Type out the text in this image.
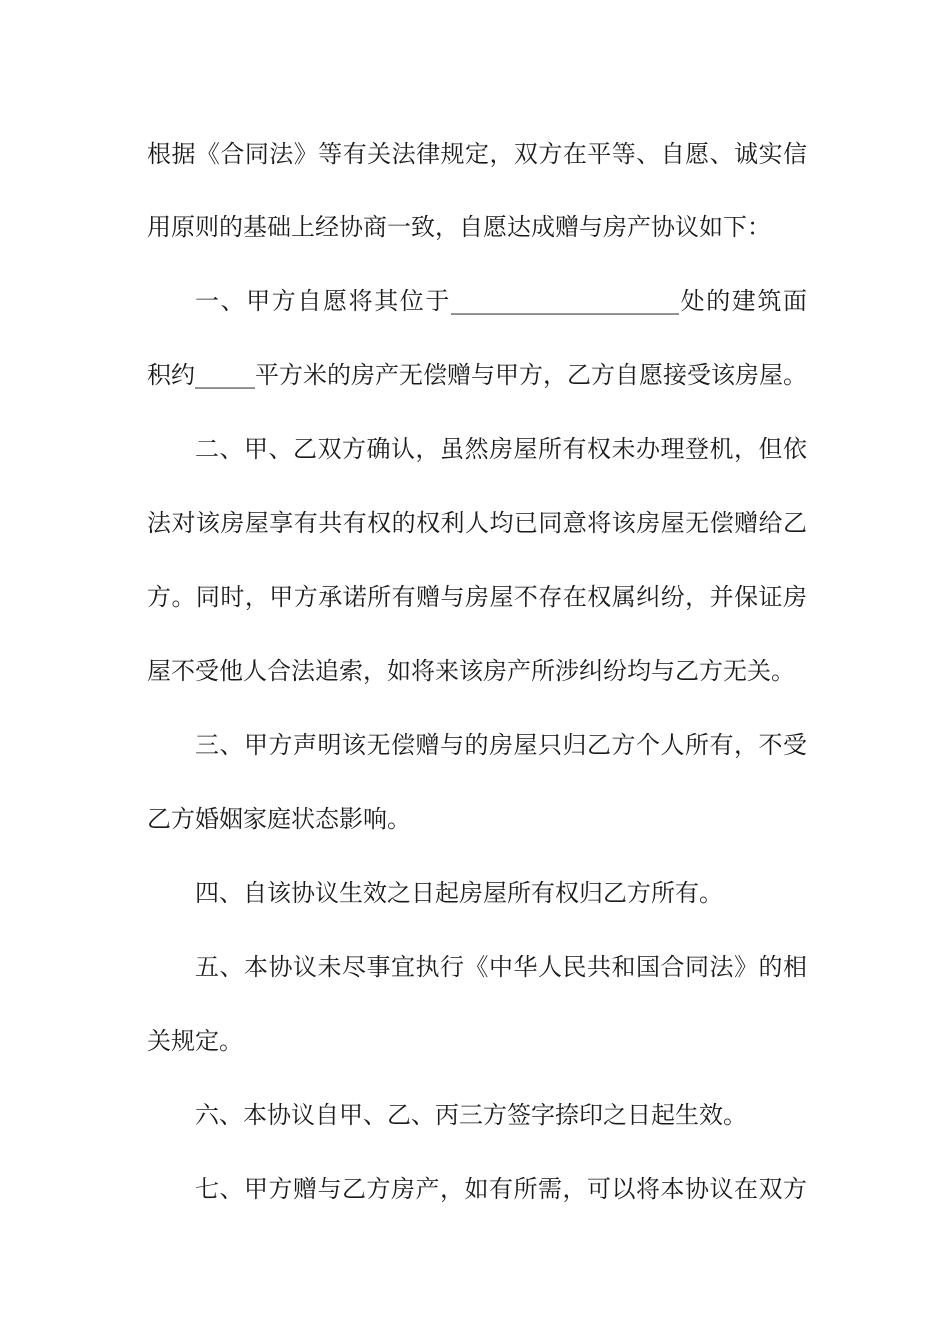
根据《合同法》等有关法律规定，双方在平等、自愿、诚实信
用原则的基础上经协商一致，自愿达成赠与房产协议如下：
一、甲方自愿将其位于___________________处的建筑面
积约_____平方米的房产无偿赠与甲方，乙方自愿接受该房屋。
二、甲、乙双方确认，虽然房屋所有权未办理登机，但依
法对该房屋享有共有权的权利人均已同意将该房屋无偿赠给乙
方。同时，甲方承诺所有赠与房屋不存在权属纠纷，并保证房
屋不受他人合法追索，如将来该房产所涉纠纷均与乙方无关。
三、甲方声明该无偿赠与的房屋只归乙方个人所有，不受
乙方婚姻家庭状态影响。
四、自该协议生效之日起房屋所有权归乙方所有。
五、本协议未尽事宜执行《中华人民共和国合同法》的相
关规定。
六、本协议自甲、乙、丙三方签字捺印之日起生效。
七、甲方赠与乙方房产，如有所需，可以将本协议在双方
